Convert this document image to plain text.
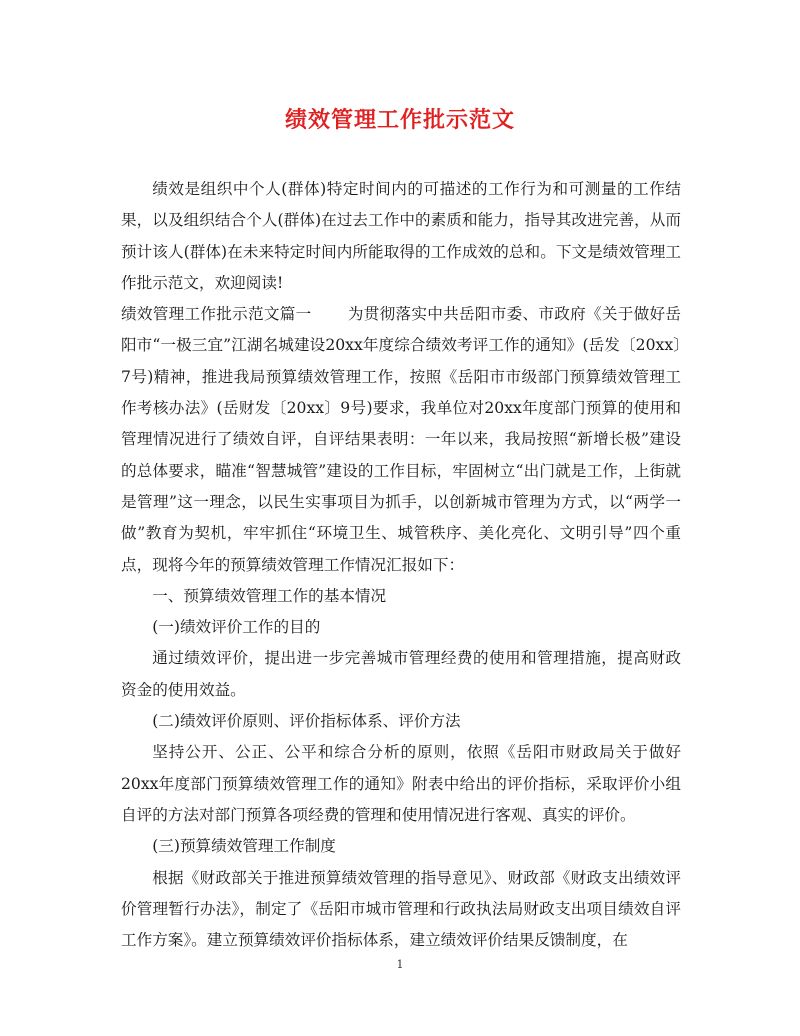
绩效管理工作批示范文

绩效是组织中个人(群体)特定时间内的可描述的工作行为和可测量的工作结果，以及组织结合个人(群体)在过去工作中的素质和能力，指导其改进完善，从而预计该人(群体)在未来特定时间内所能取得的工作成效的总和。下文是绩效管理工作批示范文，欢迎阅读!

绩效管理工作批示范文篇一 为贯彻落实中共岳阳市委、市政府《关于做好岳阳市“一极三宜”江湖名城建设20xx年度综合绩效考评工作的通知》(岳发〔20xx〕7号)精神，推进我局预算绩效管理工作，按照《岳阳市市级部门预算绩效管理工作考核办法》(岳财发〔20xx〕9号)要求，我单位对20xx年度部门预算的使用和管理情况进行了绩效自评，自评结果表明：一年以来，我局按照“新增长极”建设的总体要求，瞄准“智慧城管”建设的工作目标，牢固树立“出门就是工作，上街就是管理”这一理念，以民生实事项目为抓手，以创新城市管理为方式，以“两学一做”教育为契机，牢牢抓住“环境卫生、城管秩序、美化亮化、文明引导”四个重点，现将今年的预算绩效管理工作情况汇报如下：

一、预算绩效管理工作的基本情况

(一)绩效评价工作的目的

通过绩效评价，提出进一步完善城市管理经费的使用和管理措施，提高财政资金的使用效益。

(二)绩效评价原则、评价指标体系、评价方法

坚持公开、公正、公平和综合分析的原则，依照《岳阳市财政局关于做好20xx年度部门预算绩效管理工作的通知》附表中给出的评价指标，采取评价小组自评的方法对部门预算各项经费的管理和使用情况进行客观、真实的评价。

(三)预算绩效管理工作制度

根据《财政部关于推进预算绩效管理的指导意见》、财政部《财政支出绩效评价管理暂行办法》，制定了《岳阳市城市管理和行政执法局财政支出项目绩效自评工作方案》。建立预算绩效评价指标体系，建立绩效评价结果反馈制度，在

1
